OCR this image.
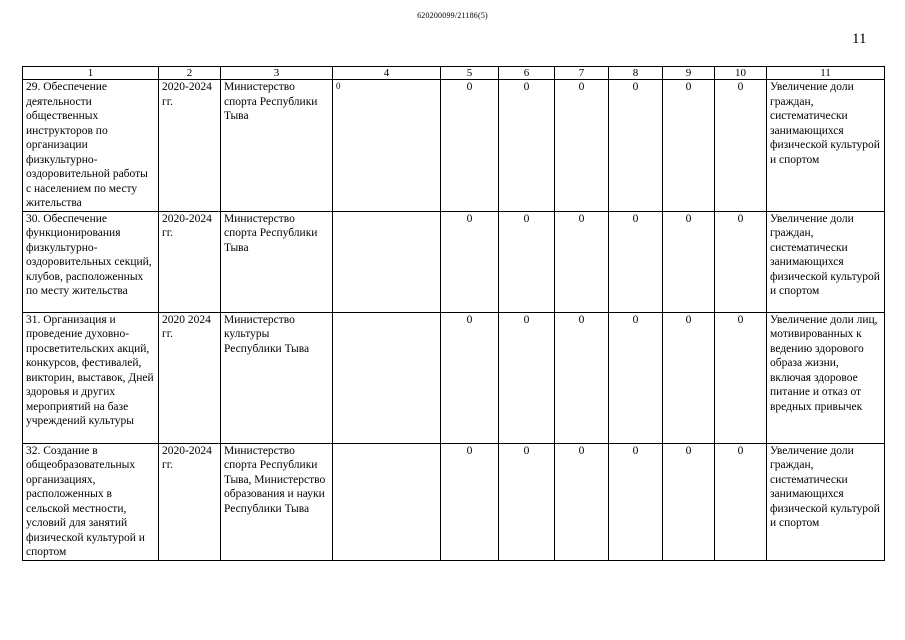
620200099/21186(5)
11
1	2	3	4	5	6	7	8	9	10	11
29. Обеспечение деятельности общественных инструкторов по организации физкультурно-оздоровительной работы с населением по месту жительства	2020-2024 гг.	Министерство спорта Республики Тыва	0	0	0	0	0	0	0	Увеличение доли граждан, систематически занимающихся физической культурой и спортом
30. Обеспечение функционирования физкультурно-оздоровительных секций, клубов, расположенных по месту жительства	2020-2024 гг.	Министерство спорта Республики Тыва		0	0	0	0	0	0	Увеличение доли граждан, систематически занимающихся физической культурой и спортом
31. Организация и проведение духовно-просветительских акций, конкурсов, фестивалей, викторин, выставок, Дней здоровья и других мероприятий на базе учреждений культуры	2020 2024 гг.	Министерство культуры Республики Тыва		0	0	0	0	0	0	Увеличение доли лиц, мотивированных к ведению здорового образа жизни, включая здоровое питание и отказ от вредных привычек
32. Создание в общеобразовательных организациях, расположенных в сельской местности, условий для занятий физической культурой и спортом	2020-2024 гг.	Министерство спорта Республики Тыва, Министерство образования и науки Республики Тыва		0	0	0	0	0	0	Увеличение доли граждан, систематически занимающихся физической культурой и спортом
